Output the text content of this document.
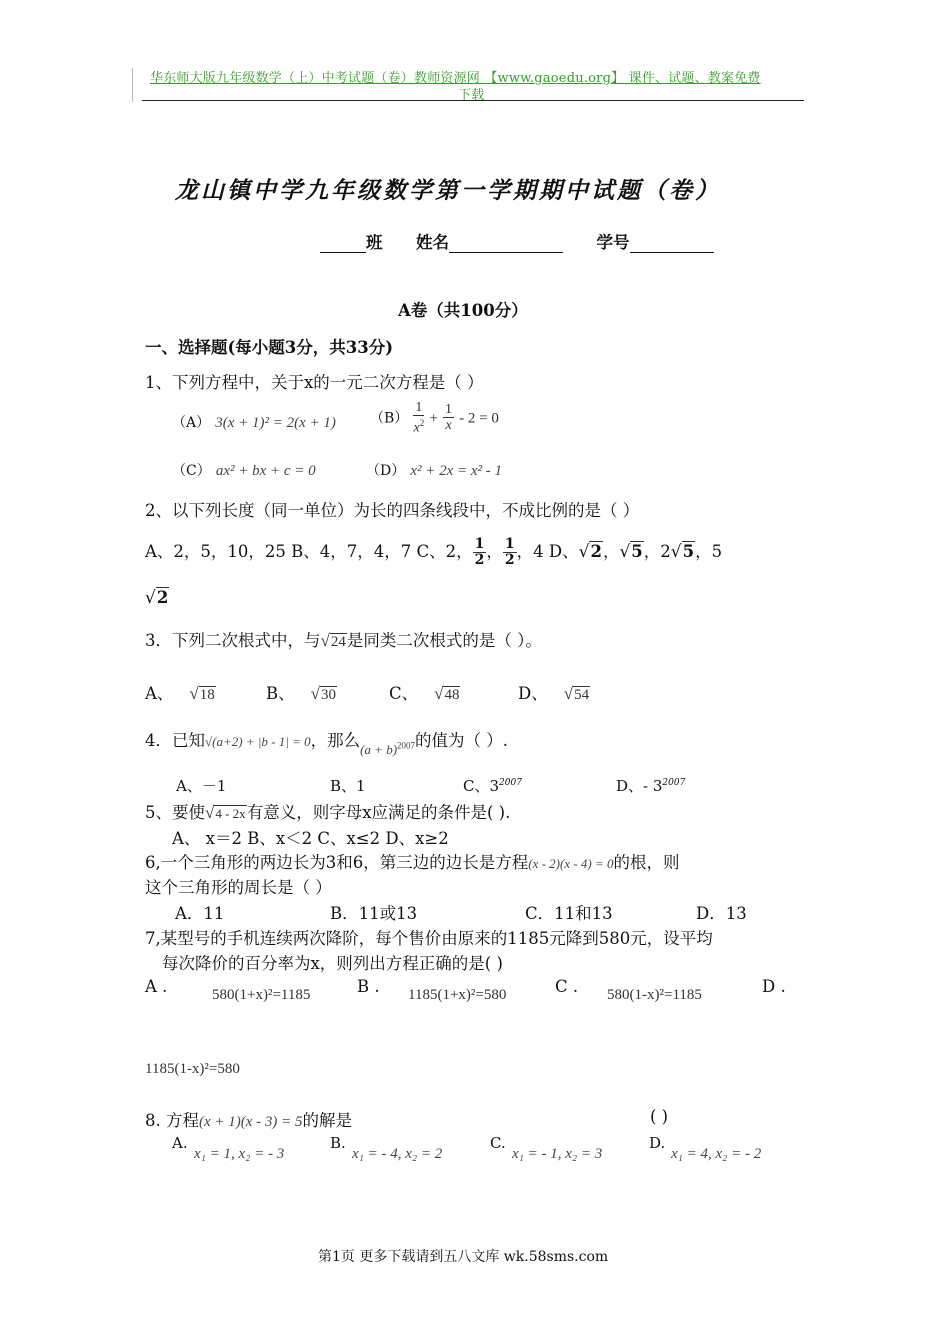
华东师大版九年级数学（上）中考试题（卷）教师资源网 【www.gaoedu.org】 课件、试题、教案免费
下载
龙山镇中学九年级数学第一学期期中试题（卷）
班 姓名	学号
A卷（共100分）
一、选择题(每小题3分，共33分)
1、下列方程中，关于x的一元二次方程是（ ）
（A） 3(x + 1)² = 2(x + 1) $(B) \frac{1}{x^2} + \frac{1}{x} - 2 = 0$
（C） ax² + bx + c = 0	（D） x² + 2x = x² - 1
2、以下列长度（同一单位）为长的四条线段中，不成比例的是（ ）
A、2，5，10，25 B、4，7，4，7 C、2， $\frac{1}{2}$ ， $\frac{1}{2}$ ，4 D、√2，√5，2√5，5
√2
3．下列二次根式中，与√24是同类二次根式的是（ ）。
A、 √18	B、 √30	C、 √48	D、 √54
4．已知√(a+2) + |b - 1| = 0，那么$_{(a + b)^{2007}}$的值为（ ）.
A、－1	B、1	C、$3^{2007}$	D、- $3^{2007}$
5、要使√4 - 2x有意义，则字母x应满足的条件是( ).
A、 x＝2 B、x＜2 C、x≤2 D、x≥2
6,一个三角形的两边长为3和6，第三边的边长是方程(x - 2)(x - 4) = 0的根，则
这个三角形的周长是（ ）
A．11	B．11或13	C．11和13	D．13
7,某型号的手机连续两次降阶，每个售价由原来的1185元降到580元，设平均
每次降价的百分率为x，则列出方程正确的是( )
A .	580(1+x)²=1185	B . 1185(1+x)²=580	C . 580(1-x)²=1185	D .
1185(1-x)²=580
8. 方程(x + 1)(x - 3) = 5的解是	( )
A.
x₁ = 1, x₂ = - 3
B.
x₁ = - 4, x₂ = 2
C.
x₁ = - 1, x₂ = 3
D.
x₁ = 4, x₂ = - 2
第1页 更多下载请到五八文库 wk.58sms.com
